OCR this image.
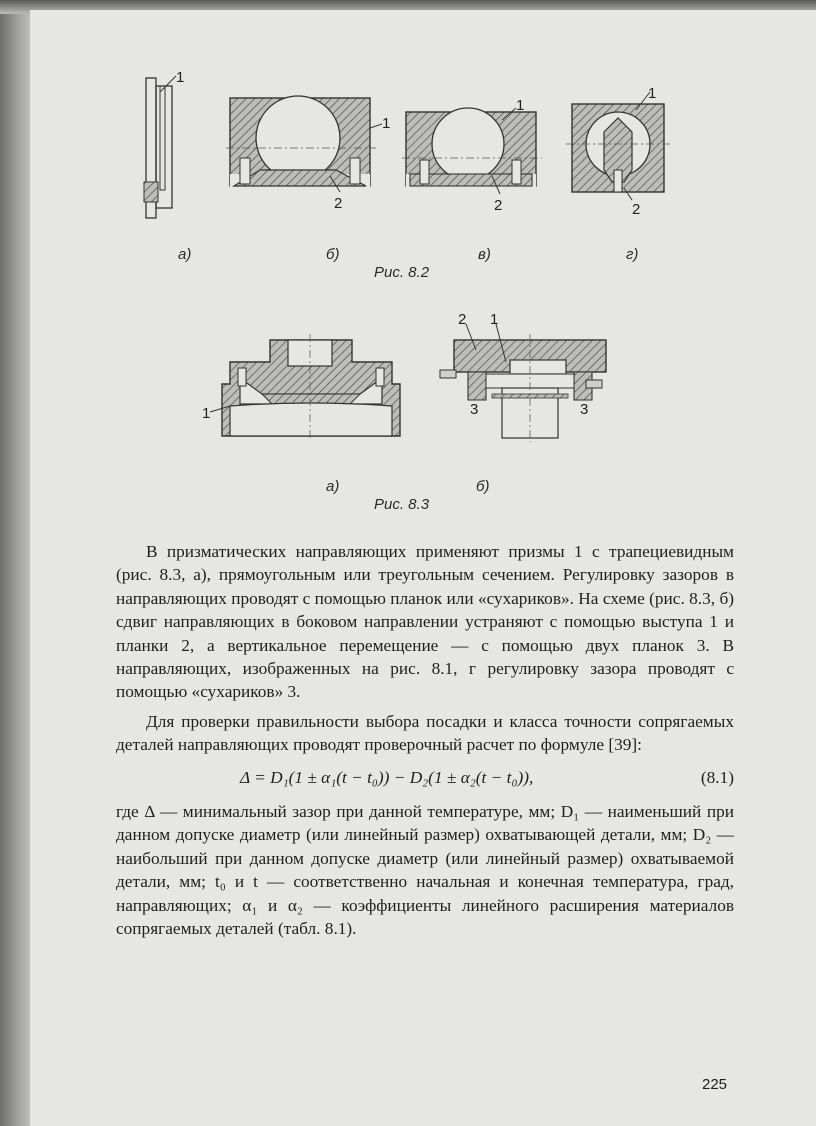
1
1
2
1
2
1
2
а)	б)	в)	г)
Рис. 8.2
1
2 1
3	3
а)	б)
Рис. 8.3

В призматических направляющих применяют призмы 1 с трапециевидным (рис. 8.3, а), прямоугольным или треугольным сечением. Регулировку зазоров в направляющих проводят с помощью планок или «сухариков». На схеме (рис. 8.3, б) сдвиг направляющих в боковом направлении устраняют с помощью выступа 1 и планки 2, а вертикальное перемещение — с помощью двух планок 3. В направляющих, изображенных на рис. 8.1, г регулировку зазора проводят с помощью «сухариков» 3.

Для проверки правильности выбора посадки и класса точности сопрягаемых деталей направляющих проводят проверочный расчет по формуле [39]:

Δ = D₁(1 ± α₁(t − t₀)) − D₂(1 ± α₂(t − t₀)),	(8.1)

где Δ — минимальный зазор при данной температуре, мм; D₁ — наименьший при данном допуске диаметр (или линейный размер) охватывающей детали, мм; D₂ — наибольший при данном допуске диаметр (или линейный размер) охватываемой детали, мм; t₀ и t — соответственно начальная и конечная температура, град, направляющих; α₁ и α₂ — коэффициенты линейного расширения материалов сопрягаемых деталей (табл. 8.1).

225
